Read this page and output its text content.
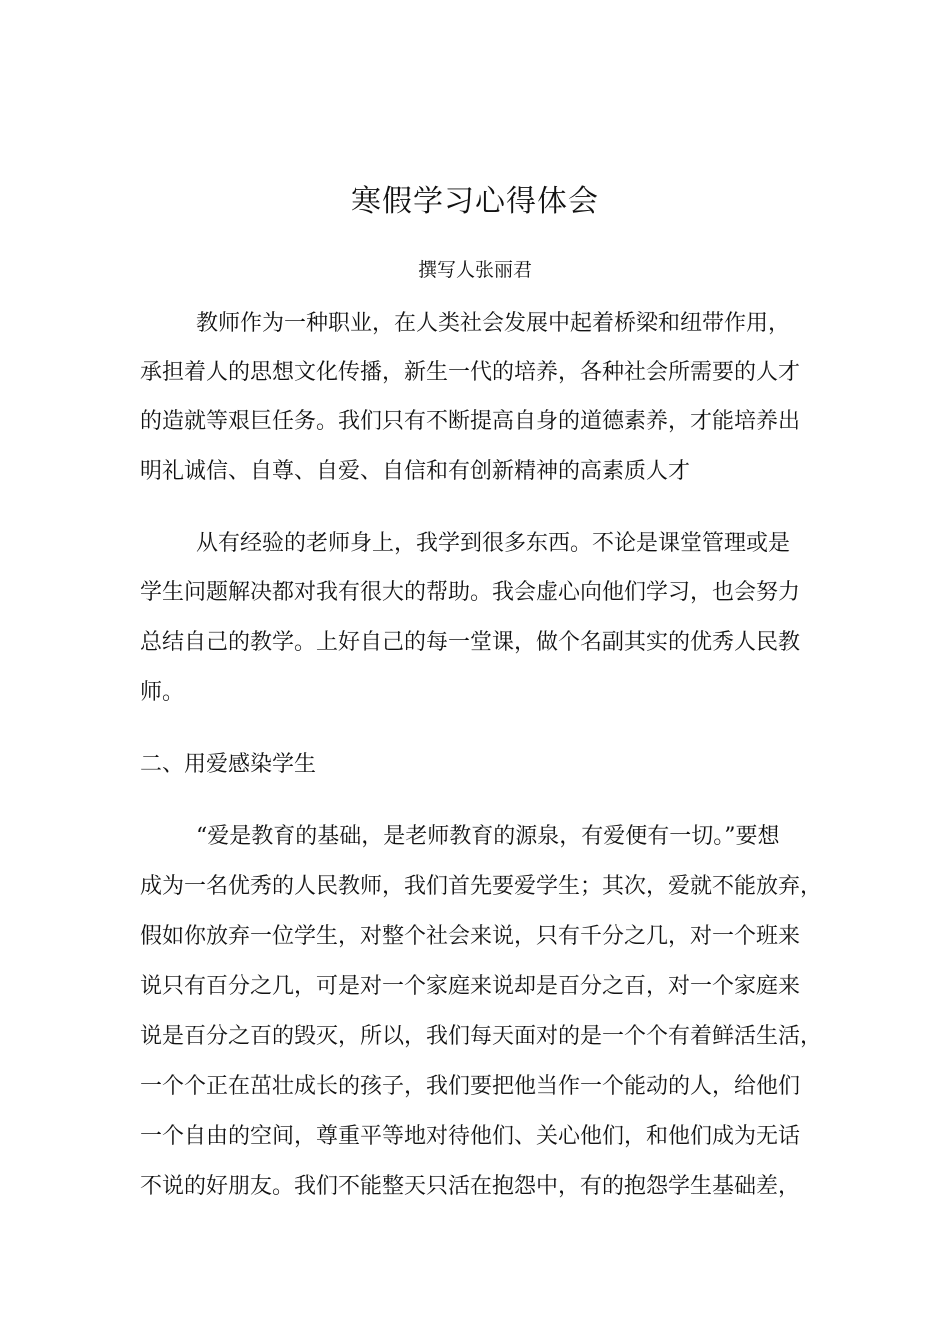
寒假学习心得体会
撰写人张丽君
教师作为一种职业，在人类社会发展中起着桥梁和纽带作用，
承担着人的思想文化传播，新生一代的培养，各种社会所需要的人才
的造就等艰巨任务。我们只有不断提高自身的道德素养，才能培养出
明礼诚信、自尊、自爱、自信和有创新精神的高素质人才
从有经验的老师身上，我学到很多东西。不论是课堂管理或是
学生问题解决都对我有很大的帮助。我会虚心向他们学习，也会努力
总结自己的教学。上好自己的每一堂课，做个名副其实的优秀人民教
师。
二、用爱感染学生
“爱是教育的基础，是老师教育的源泉，有爱便有一切。”要想
成为一名优秀的人民教师，我们首先要爱学生；其次，爱就不能放弃，
假如你放弃一位学生，对整个社会来说，只有千分之几，对一个班来
说只有百分之几，可是对一个家庭来说却是百分之百，对一个家庭来
说是百分之百的毁灭，所以，我们每天面对的是一个个有着鲜活生活，
一个个正在茁壮成长的孩子，我们要把他当作一个能动的人，给他们
一个自由的空间，尊重平等地对待他们、关心他们，和他们成为无话
不说的好朋友。我们不能整天只活在抱怨中，有的抱怨学生基础差，
